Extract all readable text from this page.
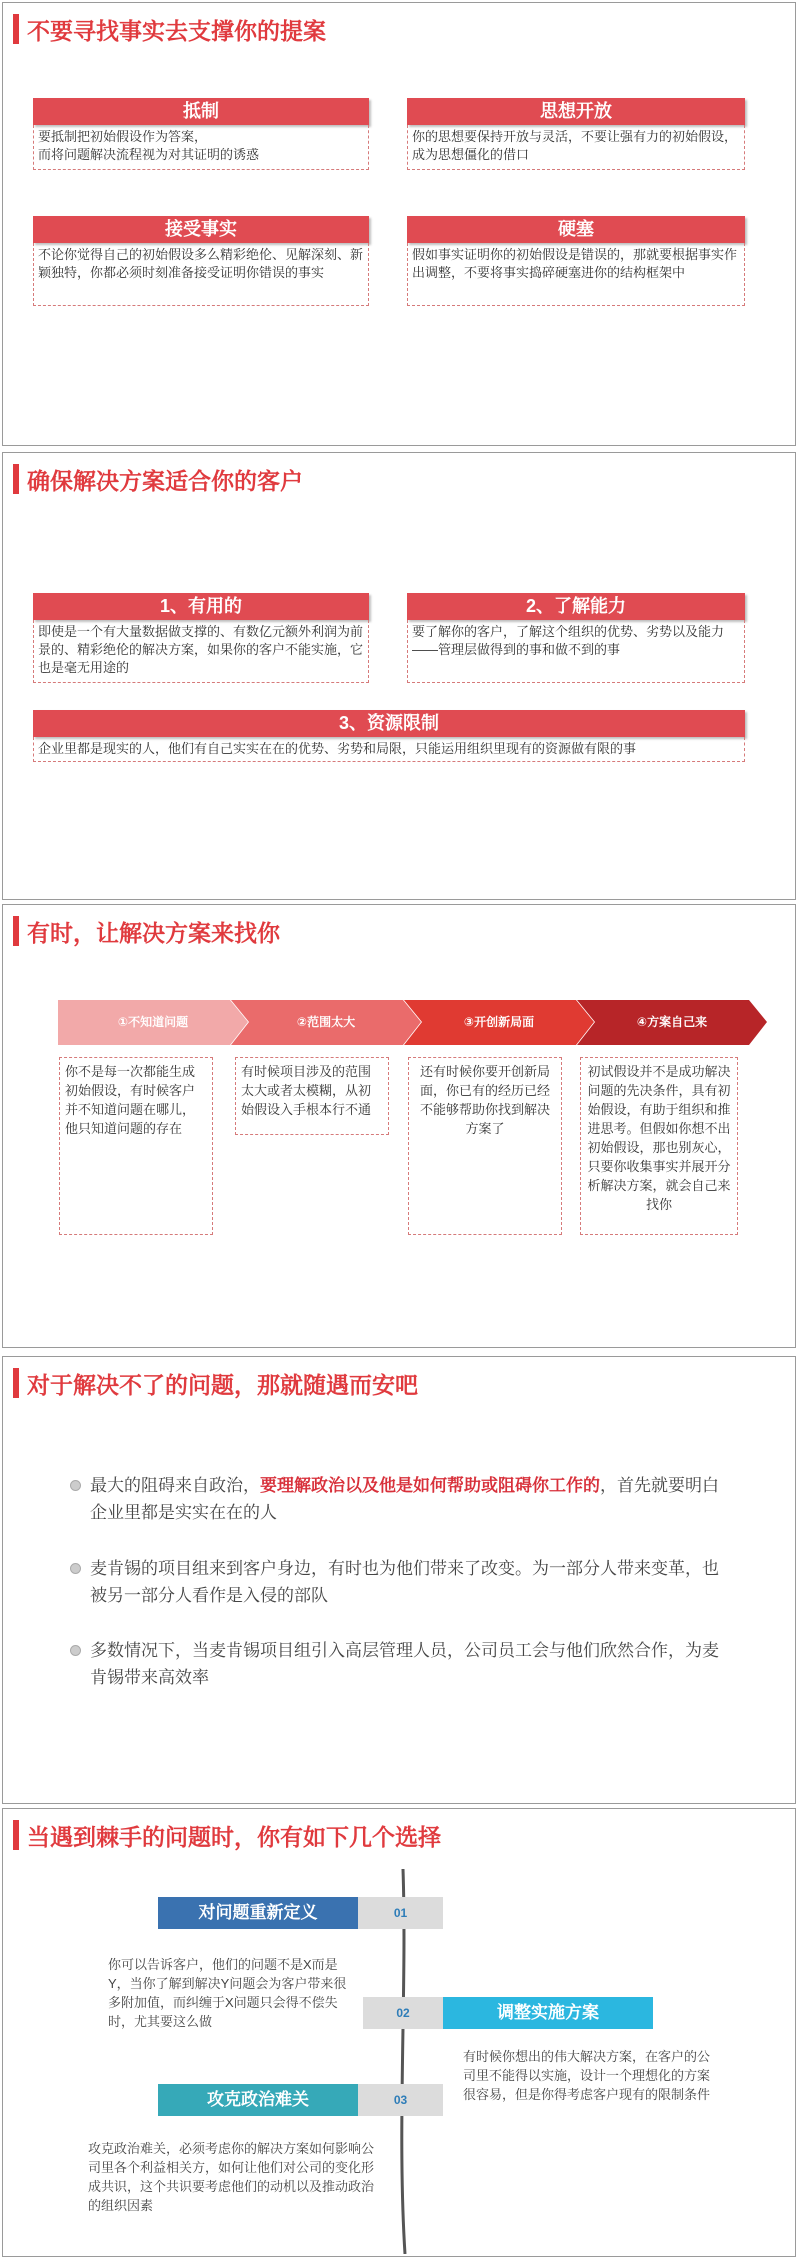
不要寻找事实去支撑你的提案
抵制
要抵制把初始假设作为答案，
而将问题解决流程视为对其证明的诱惑
思想开放
你的思想要保持开放与灵活，不要让强有力的初始假设，成为思想僵化的借口
接受事实
不论你觉得自己的初始假设多么精彩绝伦、见解深刻、新颖独特，你都必须时刻准备接受证明你错误的事实
硬塞
假如事实证明你的初始假设是错误的，那就要根据事实作出调整，不要将事实捣碎硬塞进你的结构框架中
确保解决方案适合你的客户
1、有用的
即使是一个有大量数据做支撑的、有数亿元额外利润为前景的、精彩绝伦的解决方案，如果你的客户不能实施，它也是毫无用途的
2、了解能力
要了解你的客户，了解这个组织的优势、劣势以及能力——管理层做得到的事和做不到的事
3、资源限制
企业里都是现实的人，他们有自己实实在在的优势、劣势和局限，只能运用组织里现有的资源做有限的事
有时，让解决方案来找你
①不知道问题	②范围太大	③开创新局面	④方案自己来
你不是每一次都能生成初始假设，有时候客户并不知道问题在哪儿，他只知道问题的存在
有时候项目涉及的范围太大或者太模糊，从初始假设入手根本行不通
还有时候你要开创新局面，你已有的经历已经不能够帮助你找到解决方案了
初试假设并不是成功解决问题的先决条件，具有初始假设，有助于组织和推进思考。但假如你想不出初始假设，那也别灰心，只要你收集事实并展开分析解决方案，就会自己来找你
对于解决不了的问题，那就随遇而安吧
最大的阻碍来自政治，要理解政治以及他是如何帮助或阻碍你工作的，首先就要明白企业里都是实实在在的人
麦肯锡的项目组来到客户身边，有时也为他们带来了改变。为一部分人带来变革，也被另一部分人看作是入侵的部队
多数情况下，当麦肯锡项目组引入高层管理人员，公司员工会与他们欣然合作，为麦肯锡带来高效率
当遇到棘手的问题时，你有如下几个选择
对问题重新定义	01
你可以告诉客户，他们的问题不是X而是Y，当你了解到解决Y问题会为客户带来很多附加值，而纠缠于X问题只会得不偿失时，尤其要这么做
02	调整实施方案
有时候你想出的伟大解决方案，在客户的公司里不能得以实施，设计一个理想化的方案很容易，但是你得考虑客户现有的限制条件
攻克政治难关	03
攻克政治难关，必须考虑你的解决方案如何影响公司里各个利益相关方，如何让他们对公司的变化形成共识，这个共识要考虑他们的动机以及推动政治的组织因素
